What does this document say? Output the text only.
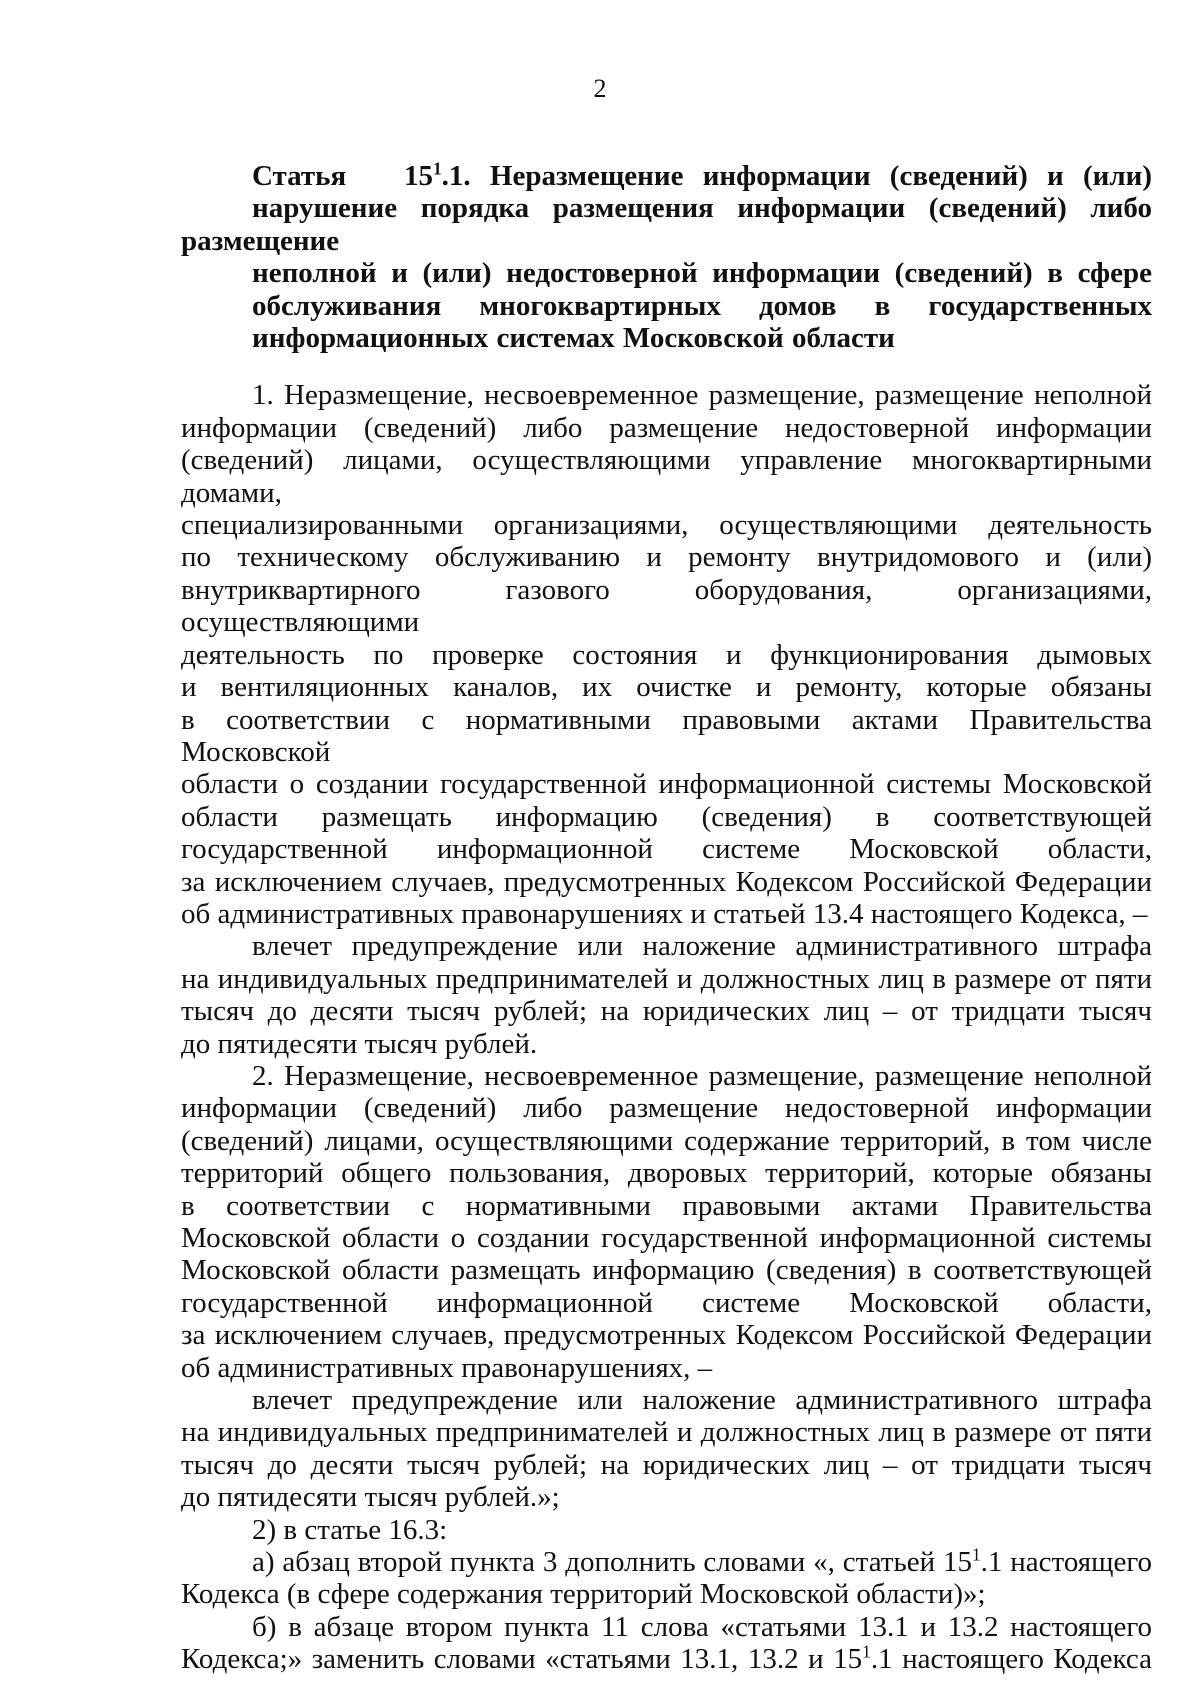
2
Статья $15^1.1$. Неразмещение информации (сведений) и (или)
нарушение порядка размещения информации (сведений) либо размещение
неполной и (или) недостоверной информации (сведений) в сфере
обслуживания многоквартирных домов в государственных
информационных системах Московской области

1. Неразмещение, несвоевременное размещение, размещение неполной

информации (сведений) либо размещение недостоверной информации

(сведений) лицами, осуществляющими управление многоквартирными домами,

специализированными организациями, осуществляющими деятельность

по техническому обслуживанию и ремонту внутридомового и (или)

внутриквартирного газового оборудования, организациями, осуществляющими

деятельность по проверке состояния и функционирования дымовых

и вентиляционных каналов, их очистке и ремонту, которые обязаны

в соответствии с нормативными правовыми актами Правительства Московской

области о создании государственной информационной системы Московской

области размещать информацию (сведения) в соответствующей

государственной информационной системе Московской области,

за исключением случаев, предусмотренных Кодексом Российской Федерации

об административных правонарушениях и статьей 13.4 настоящего Кодекса, –

влечет предупреждение или наложение административного штрафа

на индивидуальных предпринимателей и должностных лиц в размере от пяти

тысяч до десяти тысяч рублей; на юридических лиц – от тридцати тысяч

до пятидесяти тысяч рублей.

2. Неразмещение, несвоевременное размещение, размещение неполной

информации (сведений) либо размещение недостоверной информации

(сведений) лицами, осуществляющими содержание территорий, в том числе

территорий общего пользования, дворовых территорий, которые обязаны

в соответствии с нормативными правовыми актами Правительства

Московской области о создании государственной информационной системы

Московской области размещать информацию (сведения) в соответствующей

государственной информационной системе Московской области,

за исключением случаев, предусмотренных Кодексом Российской Федерации

об административных правонарушениях, –

влечет предупреждение или наложение административного штрафа

на индивидуальных предпринимателей и должностных лиц в размере от пяти

тысяч до десяти тысяч рублей; на юридических лиц – от тридцати тысяч

до пятидесяти тысяч рублей.»;

2) в статье 16.3:

а) абзац второй пункта 3 дополнить словами «, статьей $15^1.1$ настоящего

Кодекса (в сфере содержания территорий Московской области)»;

б) в абзаце втором пункта 11 слова «статьями 13.1 и 13.2 настоящего

Кодекса;» заменить словами «статьями 13.1, 13.2 и $15^1.1$ настоящего Кодекса
